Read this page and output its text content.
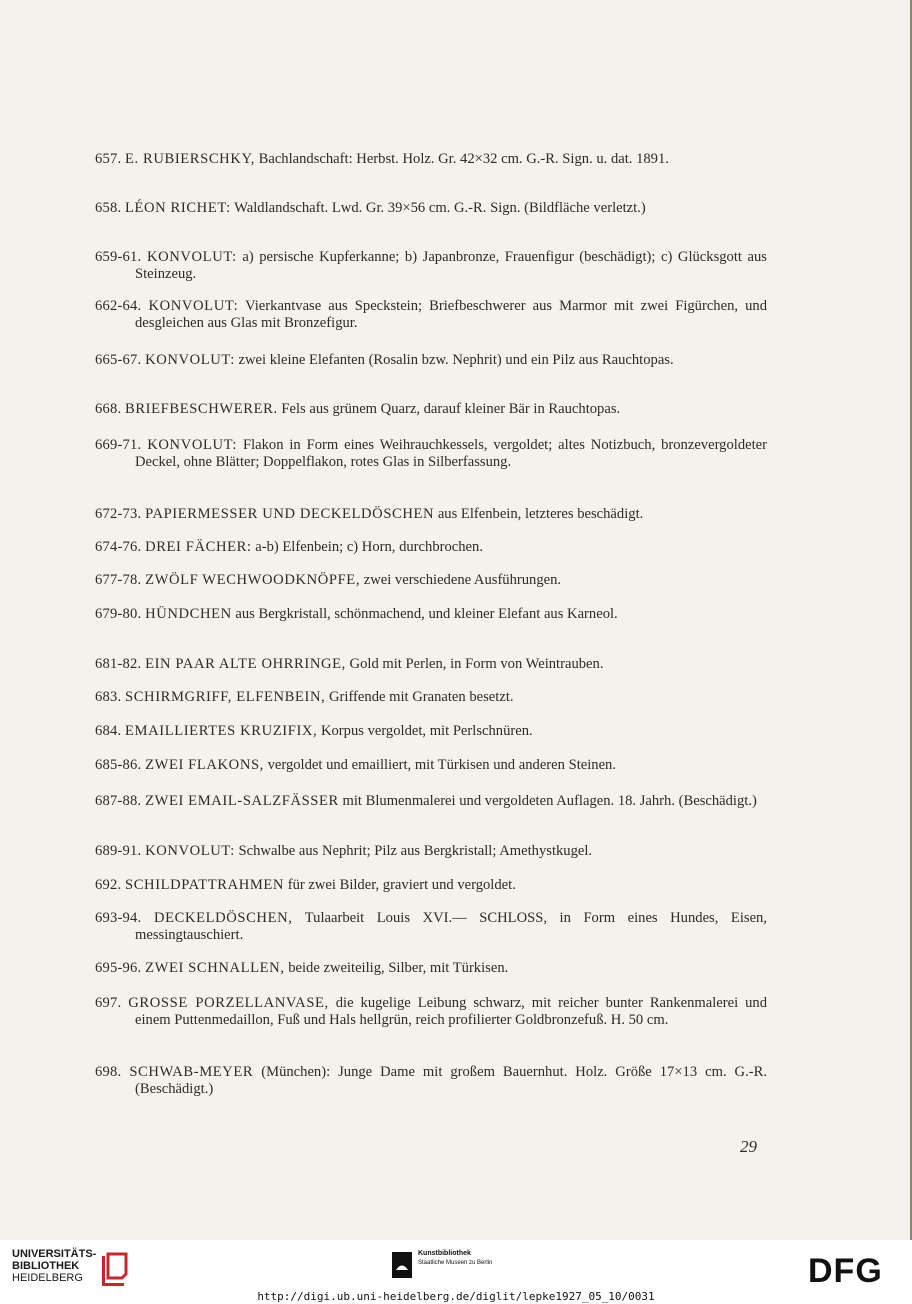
657. E. RUBIERSCHKY, Bachlandschaft: Herbst. Holz. Gr. 42×32 cm. G.-R. Sign. u. dat. 1891.
658. LÉON RICHET: Waldlandschaft. Lwd. Gr. 39×56 cm. G.-R. Sign. (Bildfläche verletzt.)
659-61. KONVOLUT: a) persische Kupferkanne; b) Japanbronze, Frauenfigur (beschädigt); c) Glücksgott aus Steinzeug.
662-64. KONVOLUT: Vierkantvase aus Speckstein; Briefbeschwerer aus Marmor mit zwei Figürchen, und desgleichen aus Glas mit Bronzefigur.
665-67. KONVOLUT: zwei kleine Elefanten (Rosalin bzw. Nephrit) und ein Pilz aus Rauchtopas.
668. BRIEFBESCHWERER. Fels aus grünem Quarz, darauf kleiner Bär in Rauchtopas.
669-71. KONVOLUT: Flakon in Form eines Weihrauchkessels, vergoldet; altes Notizbuch, bronzevergoldeter Deckel, ohne Blätter; Doppelflakon, rotes Glas in Silberfassung.
672-73. PAPIERMESSER UND DECKELDÖSCHEN aus Elfenbein, letzteres beschädigt.
674-76. DREI FÄCHER: a-b) Elfenbein; c) Horn, durchbrochen.
677-78. ZWÖLF WECHWOODKNÖPFE, zwei verschiedene Ausführungen.
679-80. HÜNDCHEN aus Bergkristall, schönmachend, und kleiner Elefant aus Karneol.
681-82. EIN PAAR ALTE OHRRINGE, Gold mit Perlen, in Form von Weintrauben.
683. SCHIRMGRIFF, ELFENBEIN, Griffende mit Granaten besetzt.
684. EMAILLIERTES KRUZIFIX, Korpus vergoldet, mit Perlschnüren.
685-86. ZWEI FLAKONS, vergoldet und emailliert, mit Türkisen und anderen Steinen.
687-88. ZWEI EMAIL-SALZFÄSSER mit Blumenmalerei und vergoldeten Auflagen. 18. Jahrh. (Beschädigt.)
689-91. KONVOLUT: Schwalbe aus Nephrit; Pilz aus Bergkristall; Amethystkugel.
692. SCHILDPATTRAHMEN für zwei Bilder, graviert und vergoldet.
693-94. DECKELDÖSCHEN, Tulaarbeit Louis XVI.— SCHLOSS, in Form eines Hundes, Eisen, messingtauschiert.
695-96. ZWEI SCHNALLEN, beide zweiteilig, Silber, mit Türkisen.
697. GROSSE PORZELLANVASE, die kugelige Leibung schwarz, mit reicher bunter Rankenmalerei und einem Puttenmedaillon, Fuß und Hals hellgrün, reich profilierter Goldbronzefuß. H. 50 cm.
698. SCHWAB-MEYER (München): Junge Dame mit großem Bauernhut. Holz. Größe 17×13 cm. G.-R. (Beschädigt.)
29
UNIVERSITÄTS-
BIBLIOTHEK
HEIDELBERG
Kunstbibliothek
Staatliche Museen zu Berlin	DFG
http://digi.ub.uni-heidelberg.de/diglit/lepke1927_05_10/0031
